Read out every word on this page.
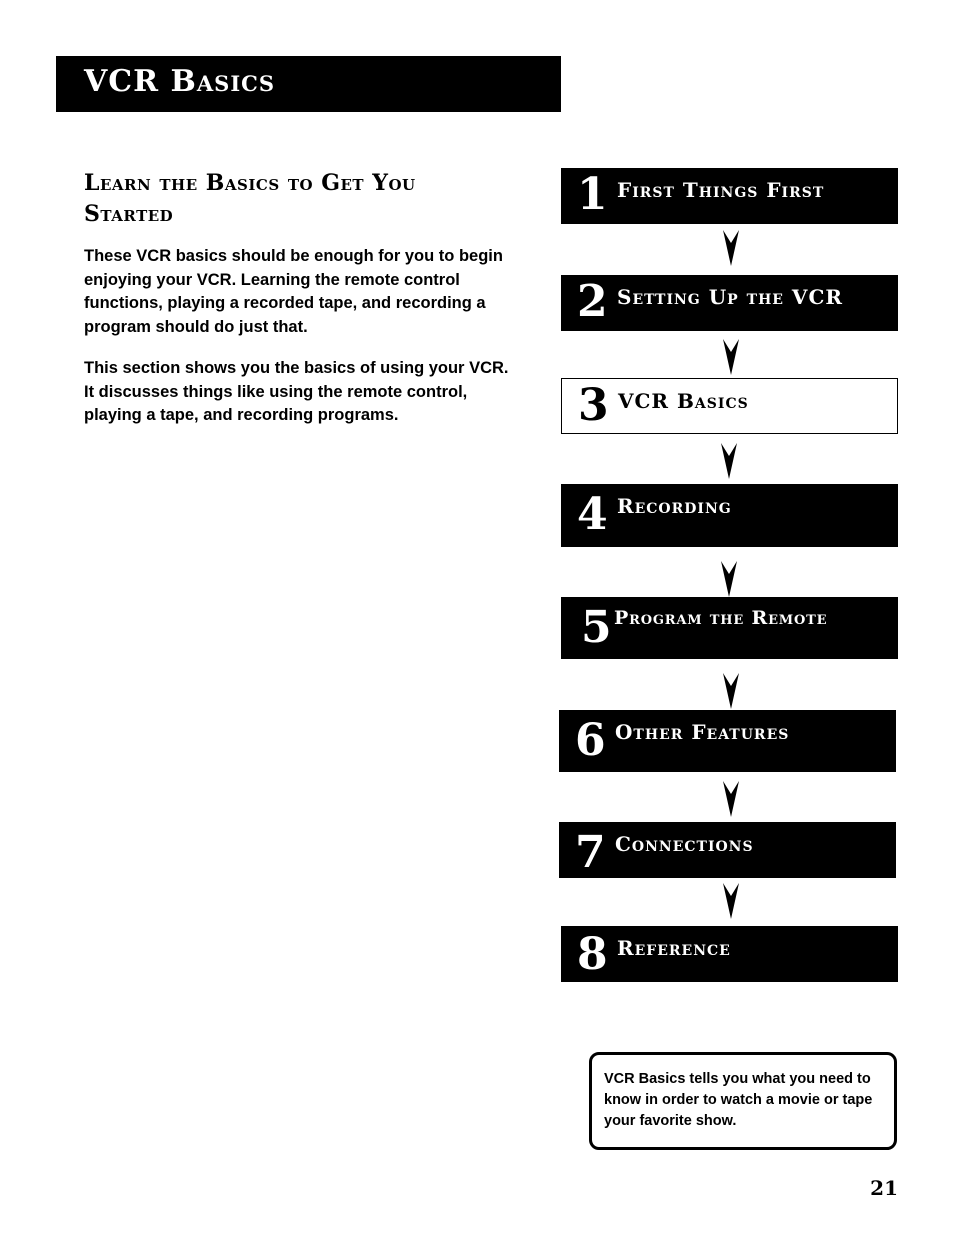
VCR Basics
Learn the Basics to Get You Started
These VCR basics should be enough for you to begin enjoying your VCR. Learning the remote control functions, playing a recorded tape, and recording a program should do just that.
This section shows you the basics of using your VCR. It discusses things like using the remote control, playing a tape, and recording programs.
1 First Things First
2 Setting Up the VCR
3 VCR Basics
4 Recording
5 Program the Remote
6 Other Features
7 Connections
8 Reference
VCR Basics tells you what you need to know in order to watch a movie or tape your favorite show.
21
